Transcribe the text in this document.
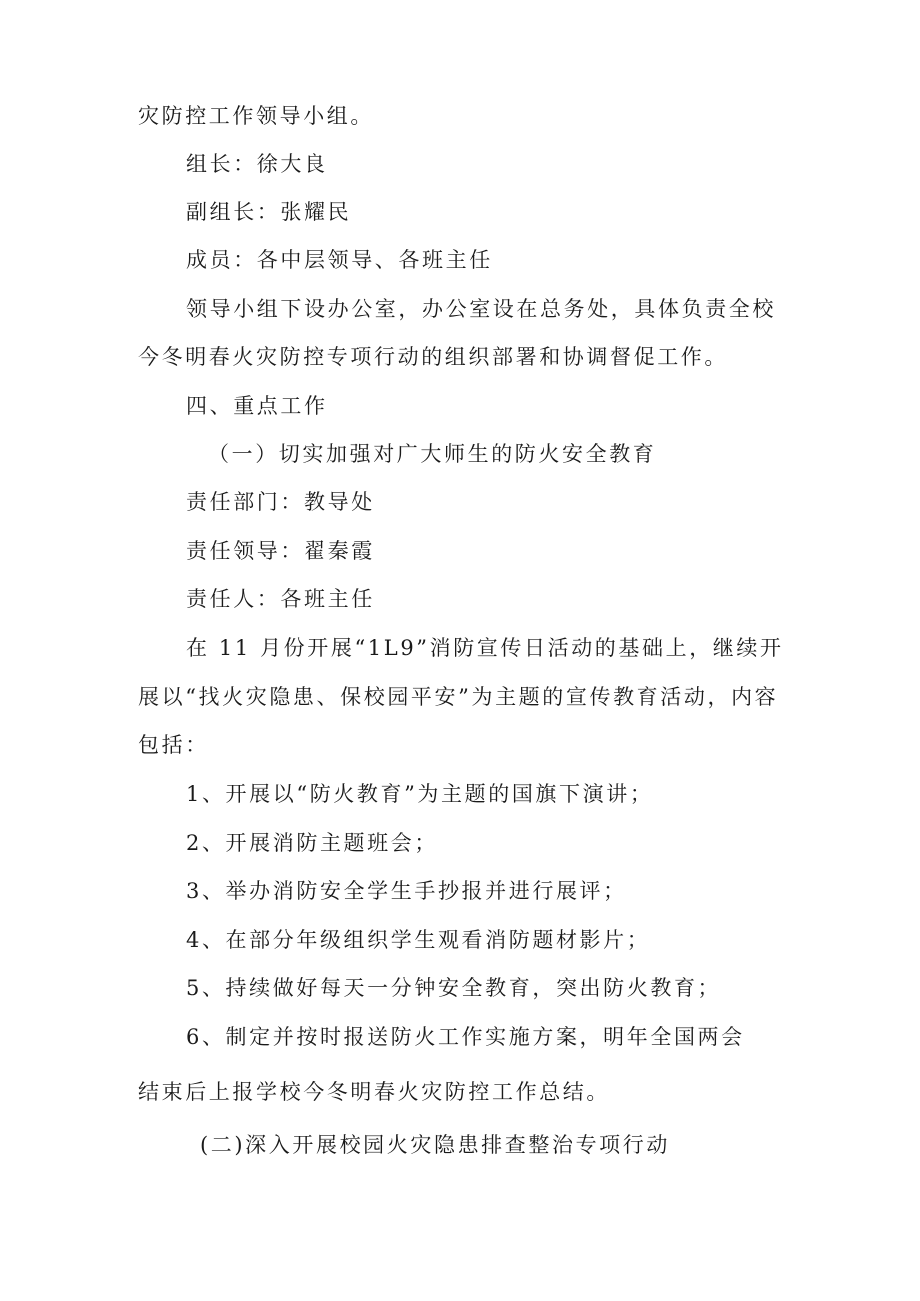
灾防控工作领导小组。
组长：徐大良
副组长：张耀民
成员：各中层领导、各班主任
领导小组下设办公室，办公室设在总务处，具体负责全校
今冬明春火灾防控专项行动的组织部署和协调督促工作。
四、重点工作
（一）切实加强对广大师生的防火安全教育
责任部门：教导处
责任领导：翟秦霞
责任人：各班主任
在 11 月份开展“1L9”消防宣传日活动的基础上，继续开
展以“找火灾隐患、保校园平安”为主题的宣传教育活动，内容
包括：
1、开展以“防火教育”为主题的国旗下演讲；
2、开展消防主题班会；
3、举办消防安全学生手抄报并进行展评；
4、在部分年级组织学生观看消防题材影片；
5、持续做好每天一分钟安全教育，突出防火教育；
6、制定并按时报送防火工作实施方案，明年全国两会
结束后上报学校今冬明春火灾防控工作总结。
(二)深入开展校园火灾隐患排查整治专项行动
